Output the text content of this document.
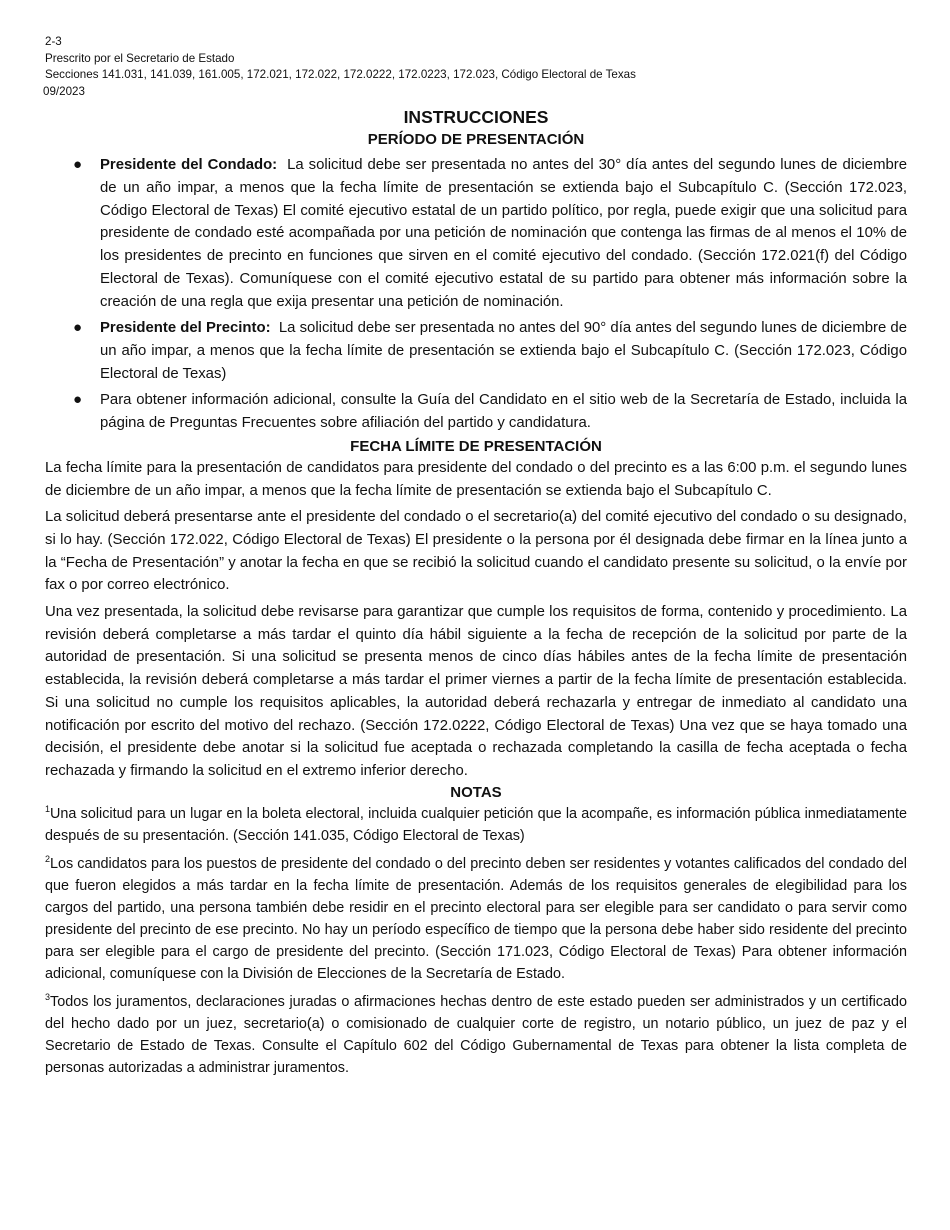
2-3
Prescrito por el Secretario de Estado
Secciones 141.031, 141.039, 161.005, 172.021, 172.022, 172.0222, 172.0223, 172.023, Código Electoral de Texas
09/2023
INSTRUCCIONES
PERÍODO DE PRESENTACIÓN
● Presidente del Condado: La solicitud debe ser presentada no antes del 30° día antes del segundo lunes de diciembre de un año impar, a menos que la fecha límite de presentación se extienda bajo el Subcapítulo C. (Sección 172.023, Código Electoral de Texas) El comité ejecutivo estatal de un partido político, por regla, puede exigir que una solicitud para presidente de condado esté acompañada por una petición de nominación que contenga las firmas de al menos el 10% de los presidentes de precinto en funciones que sirven en el comité ejecutivo del condado. (Sección 172.021(f) del Código Electoral de Texas). Comuníquese con el comité ejecutivo estatal de su partido para obtener más información sobre la creación de una regla que exija presentar una petición de nominación.
● Presidente del Precinto: La solicitud debe ser presentada no antes del 90° día antes del segundo lunes de diciembre de un año impar, a menos que la fecha límite de presentación se extienda bajo el Subcapítulo C. (Sección 172.023, Código Electoral de Texas)
● Para obtener información adicional, consulte la Guía del Candidato en el sitio web de la Secretaría de Estado, incluida la página de Preguntas Frecuentes sobre afiliación del partido y candidatura.
FECHA LÍMITE DE PRESENTACIÓN

La fecha límite para la presentación de candidatos para presidente del condado o del precinto es a las 6:00 p.m. el segundo lunes de diciembre de un año impar, a menos que la fecha límite de presentación se extienda bajo el Subcapítulo C.

La solicitud deberá presentarse ante el presidente del condado o el secretario(a) del comité ejecutivo del condado o su designado, si lo hay. (Sección 172.022, Código Electoral de Texas) El presidente o la persona por él designada debe firmar en la línea junto a la “Fecha de Presentación” y anotar la fecha en que se recibió la solicitud cuando el candidato presente su solicitud, o la envíe por fax o por correo electrónico.

Una vez presentada, la solicitud debe revisarse para garantizar que cumple los requisitos de forma, contenido y procedimiento. La revisión deberá completarse a más tardar el quinto día hábil siguiente a la fecha de recepción de la solicitud por parte de la autoridad de presentación. Si una solicitud se presenta menos de cinco días hábiles antes de la fecha límite de presentación establecida, la revisión deberá completarse a más tardar el primer viernes a partir de la fecha límite de presentación establecida. Si una solicitud no cumple los requisitos aplicables, la autoridad deberá rechazarla y entregar de inmediato al candidato una notificación por escrito del motivo del rechazo. (Sección 172.0222, Código Electoral de Texas) Una vez que se haya tomado una decisión, el presidente debe anotar si la solicitud fue aceptada o rechazada completando la casilla de fecha aceptada o fecha rechazada y firmando la solicitud en el extremo inferior derecho.

NOTAS

$^1$Una solicitud para un lugar en la boleta electoral, incluida cualquier petición que la acompañe, es información pública inmediatamente después de su presentación. (Sección 141.035, Código Electoral de Texas)

$^2$Los candidatos para los puestos de presidente del condado o del precinto deben ser residentes y votantes calificados del condado del que fueron elegidos a más tardar en la fecha límite de presentación. Además de los requisitos generales de elegibilidad para los cargos del partido, una persona también debe residir en el precinto electoral para ser elegible para ser candidato o para servir como presidente del precinto de ese precinto. No hay un período específico de tiempo que la persona debe haber sido residente del precinto para ser elegible para el cargo de presidente del precinto. (Sección 171.023, Código Electoral de Texas) Para obtener información adicional, comuníquese con la División de Elecciones de la Secretaría de Estado.

$^3$Todos los juramentos, declaraciones juradas o afirmaciones hechas dentro de este estado pueden ser administrados y un certificado del hecho dado por un juez, secretario(a) o comisionado de cualquier corte de registro, un notario público, un juez de paz y el Secretario de Estado de Texas. Consulte el Capítulo 602 del Código Gubernamental de Texas para obtener la lista completa de personas autorizadas a administrar juramentos.
